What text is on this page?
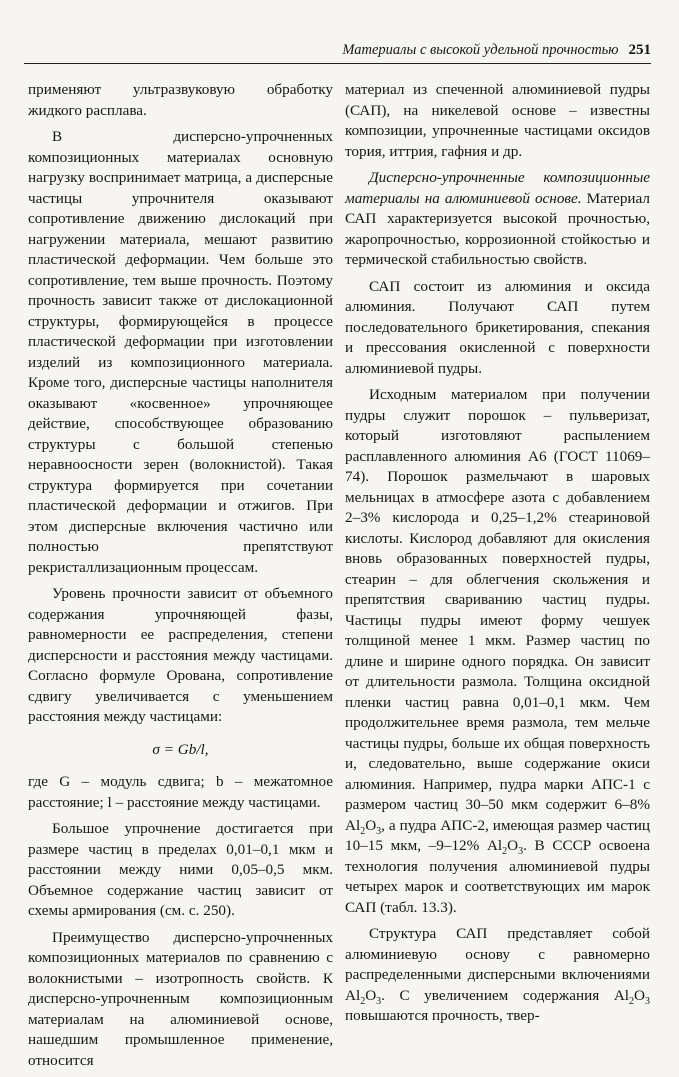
Материалы с высокой удельной прочностью 251

применяют ультразвуковую обработку жидкого расплава.

В дисперсно-упрочненных композиционных материалах основную нагрузку воспринимает матрица, а дисперсные частицы упрочнителя оказывают сопротивление движению дислокаций при нагружении материала, мешают развитию пластической деформации. Чем больше это сопротивление, тем выше прочность. Поэтому прочность зависит также от дислокационной структуры, формирующейся в процессе пластической деформации при изготовлении изделий из композиционного материала. Кроме того, дисперсные частицы наполнителя оказывают «косвенное» упрочняющее действие, способствующее образованию структуры с большой степенью неравноосности зерен (волокнистой). Такая структура формируется при сочетании пластической деформации и отжигов. При этом дисперсные включения частично или полностью препятствуют рекристаллизационным процессам.

Уровень прочности зависит от объемного содержания упрочняющей фазы, равномерности ее распределения, степени дисперсности и расстояния между частицами. Согласно формуле Орована, сопротивление сдвигу увеличивается с уменьшением расстояния между частицами:

σ = Gb/l,

где G – модуль сдвига; b – межатомное расстояние; l – расстояние между частицами.

Большое упрочнение достигается при размере частиц в пределах 0,01–0,1 мкм и расстоянии между ними 0,05–0,5 мкм. Объемное содержание частиц зависит от схемы армирования (см. с. 250).

Преимущество дисперсно-упрочненных композиционных материалов по сравнению с волокнистыми – изотропность свойств. К дисперсно-упрочненным композиционным материалам на алюминиевой основе, нашедшим промышленное применение, относится

материал из спеченной алюминиевой пудры (САП), на никелевой основе – известны композиции, упрочненные частицами оксидов тория, иттрия, гафния и др.

Дисперсно-упрочненные композиционные материалы на алюминиевой основе. Материал САП характеризуется высокой прочностью, жаропрочностью, коррозионной стойкостью и термической стабильностью свойств.

САП состоит из алюминия и оксида алюминия. Получают САП путем последовательного брикетирования, спекания и прессования окисленной с поверхности алюминиевой пудры.

Исходным материалом при получении пудры служит порошок – пульверизат, который изготовляют распылением расплавленного алюминия А6 (ГОСТ 11069–74). Порошок размельчают в шаровых мельницах в атмосфере азота с добавлением 2–3% кислорода и 0,25–1,2% стеариновой кислоты. Кислород добавляют для окисления вновь образованных поверхностей пудры, стеарин – для облегчения скольжения и препятствия свариванию частиц пудры. Частицы пудры имеют форму чешуек толщиной менее 1 мкм. Размер частиц по длине и ширине одного порядка. Он зависит от длительности размола. Толщина оксидной пленки частиц равна 0,01–0,1 мкм. Чем продолжительнее время размола, тем мельче частицы пудры, больше их общая поверхность и, следовательно, выше содержание окиси алюминия. Например, пудра марки АПС-1 с размером частиц 30–50 мкм содержит 6–8% $Al_2O_3$, а пудра АПС-2, имеющая размер частиц 10–15 мкм, –9–12% $Al_2O_3$. В СССР освоена технология получения алюминиевой пудры четырех марок и соответствующих им марок САП (табл. 13.3).

Структура САП представляет собой алюминиевую основу с равномерно распределенными дисперсными включениями $Al_2O_3$. С увеличением содержания $Al_2O_3$ повышаются прочность, твер-
